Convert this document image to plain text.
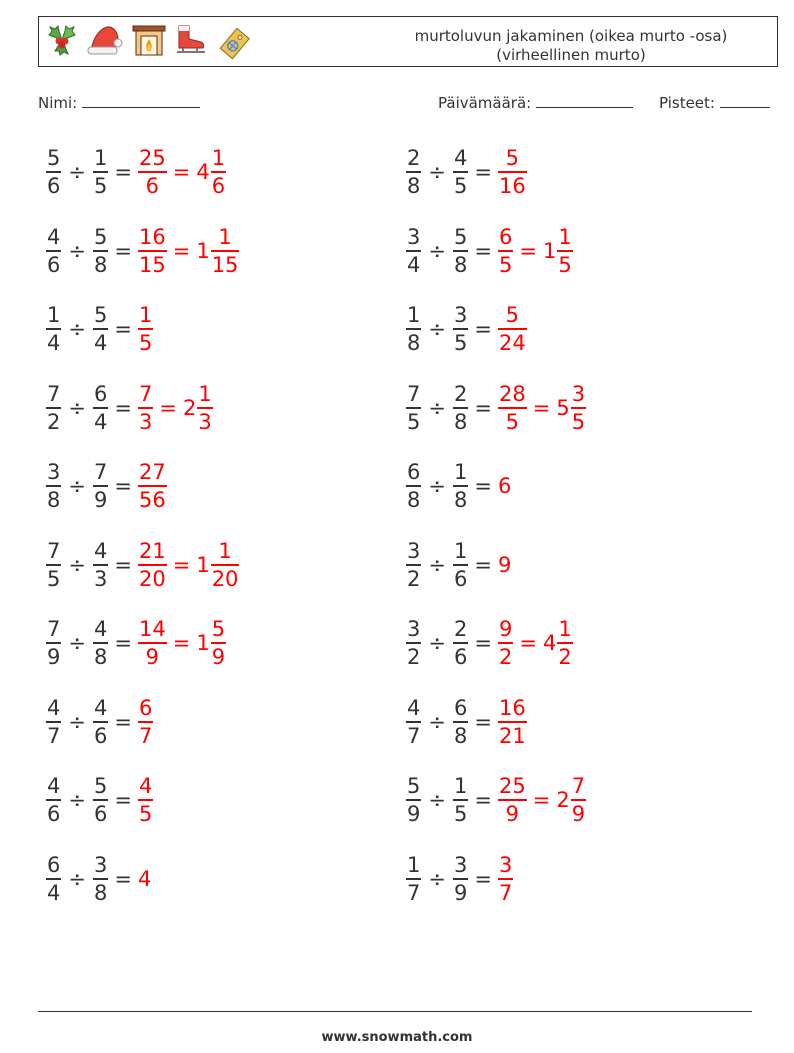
murtoluvun jakaminen (oikea murto -osa)
(virheellinen murto)
Nimi:	Päivämäärä:	Pisteet:
$\frac{5}{6} \div \frac{1}{5} = \frac{25}{6} = 4 \frac{1}{6}$
$\frac{4}{6} \div \frac{5}{8} = \frac{16}{15} = 1 \frac{1}{15}$
$\frac{1}{4} \div \frac{5}{4} = \frac{1}{5}$
$\frac{7}{2} \div \frac{6}{4} = \frac{7}{3} = 2 \frac{1}{3}$
$\frac{3}{8} \div \frac{7}{9} = \frac{27}{56}$
$\frac{7}{5} \div \frac{4}{3} = \frac{21}{20} = 1 \frac{1}{20}$
$\frac{7}{9} \div \frac{4}{8} = \frac{14}{9} = 1 \frac{5}{9}$
$\frac{4}{7} \div \frac{4}{6} = \frac{6}{7}$
$\frac{4}{6} \div \frac{5}{6} = \frac{4}{5}$
$\frac{6}{4} \div \frac{3}{8} = 4$
$\frac{2}{8} \div \frac{4}{5} = \frac{5}{16}$
$\frac{3}{4} \div \frac{5}{8} = \frac{6}{5} = 1 \frac{1}{5}$
$\frac{1}{8} \div \frac{3}{5} = \frac{5}{24}$
$\frac{7}{5} \div \frac{2}{8} = \frac{28}{5} = 5 \frac{3}{5}$
$\frac{6}{8} \div \frac{1}{8} = 6$
$\frac{3}{2} \div \frac{1}{6} = 9$
$\frac{3}{2} \div \frac{2}{6} = \frac{9}{2} = 4 \frac{1}{2}$
$\frac{4}{7} \div \frac{6}{8} = \frac{16}{21}$
$\frac{5}{9} \div \frac{1}{5} = \frac{25}{9} = 2 \frac{7}{9}$
$\frac{1}{7} \div \frac{3}{9} = \frac{3}{7}$
www.snowmath.com
